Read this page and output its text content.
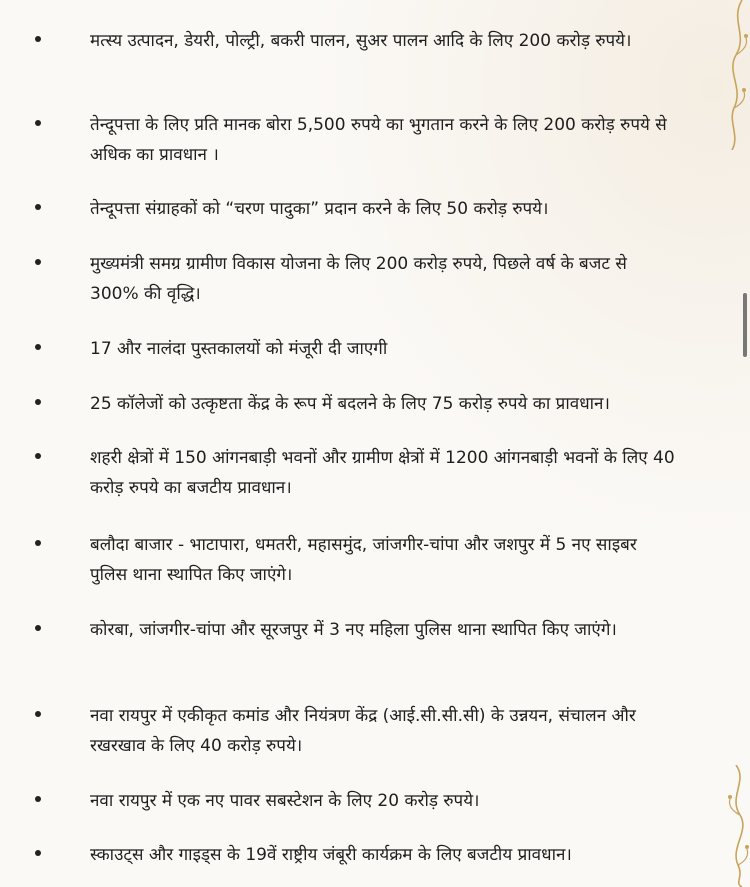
मत्स्य उत्पादन, डेयरी, पोल्ट्री, बकरी पालन, सुअर पालन आदि के लिए 200 करोड़ रुपये।
तेन्दूपत्ता के लिए प्रति मानक बोरा 5,500 रुपये का भुगतान करने के लिए 200 करोड़ रुपये से अधिक का प्रावधान ।
तेन्दूपत्ता संग्राहकों को “चरण पादुका” प्रदान करने के लिए 50 करोड़ रुपये।
मुख्यमंत्री समग्र ग्रामीण विकास योजना के लिए 200 करोड़ रुपये, पिछले वर्ष के बजट से 300% की वृद्धि।
17 और नालंदा पुस्तकालयों को मंजूरी दी जाएगी
25 कॉलेजों को उत्कृष्टता केंद्र के रूप में बदलने के लिए 75 करोड़ रुपये का प्रावधान।
शहरी क्षेत्रों में 150 आंगनबाड़ी भवनों और ग्रामीण क्षेत्रों में 1200 आंगनबाड़ी भवनों के लिए 40 करोड़ रुपये का बजटीय प्रावधान।
बलौदा बाजार - भाटापारा, धमतरी, महासमुंद, जांजगीर-चांपा और जशपुर में 5 नए साइबर पुलिस थाना स्थापित किए जाएंगे।
कोरबा, जांजगीर-चांपा और सूरजपुर में 3 नए महिला पुलिस थाना स्थापित किए जाएंगे।
नवा रायपुर में एकीकृत कमांड और नियंत्रण केंद्र (आई.सी.सी.सी) के उन्नयन, संचालन और रखरखाव के लिए 40 करोड़ रुपये।
नवा रायपुर में एक नए पावर सबस्टेशन के लिए 20 करोड़ रुपये।
स्काउट्स और गाइड्स के 19वें राष्ट्रीय जंबूरी कार्यक्रम के लिए बजटीय प्रावधान।
